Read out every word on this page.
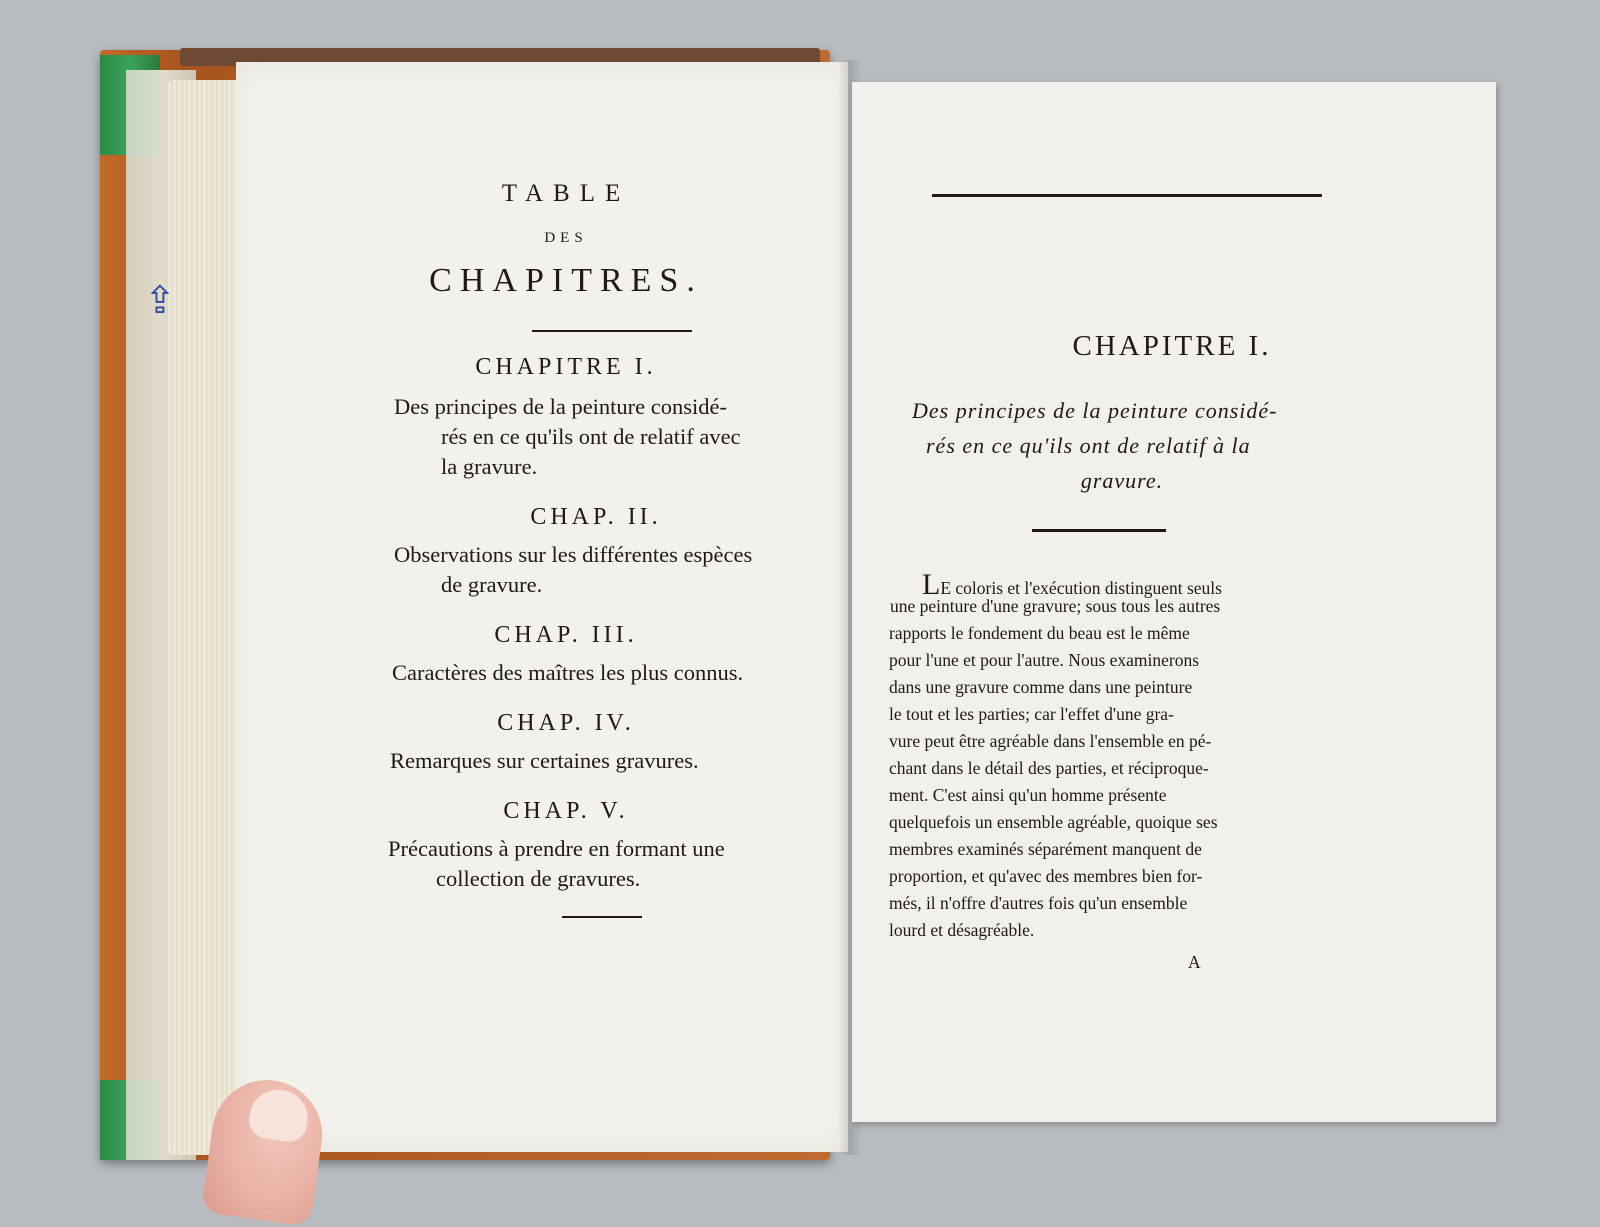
⇪
TABLE
DES
CHAPITRES.
CHAPITRE I.
Des principes de la peinture considé-
rés en ce qu'ils ont de relatif avec
la gravure.
CHAP. II.
Observations sur les différentes espèces
de gravure.
CHAP. III.
Caractères des maîtres les plus connus.
CHAP. IV.
Remarques sur certaines gravures.
CHAP. V.
Précautions à prendre en formant une
collection de gravures.
CHAPITRE I.
Des principes de la peinture considé-
rés en ce qu'ils ont de relatif à la
gravure.
LE coloris et l'exécution distinguent seuls
une peinture d'une gravure; sous tous les autres
rapports le fondement du beau est le même
pour l'une et pour l'autre. Nous examinerons
dans une gravure comme dans une peinture
le tout et les parties; car l'effet d'une gra-
vure peut être agréable dans l'ensemble en pé-
chant dans le détail des parties, et réciproque-
ment. C'est ainsi qu'un homme présente
quelquefois un ensemble agréable, quoique ses
membres examinés séparément manquent de
proportion, et qu'avec des membres bien for-
més, il n'offre d'autres fois qu'un ensemble
lourd et désagréable.
A
